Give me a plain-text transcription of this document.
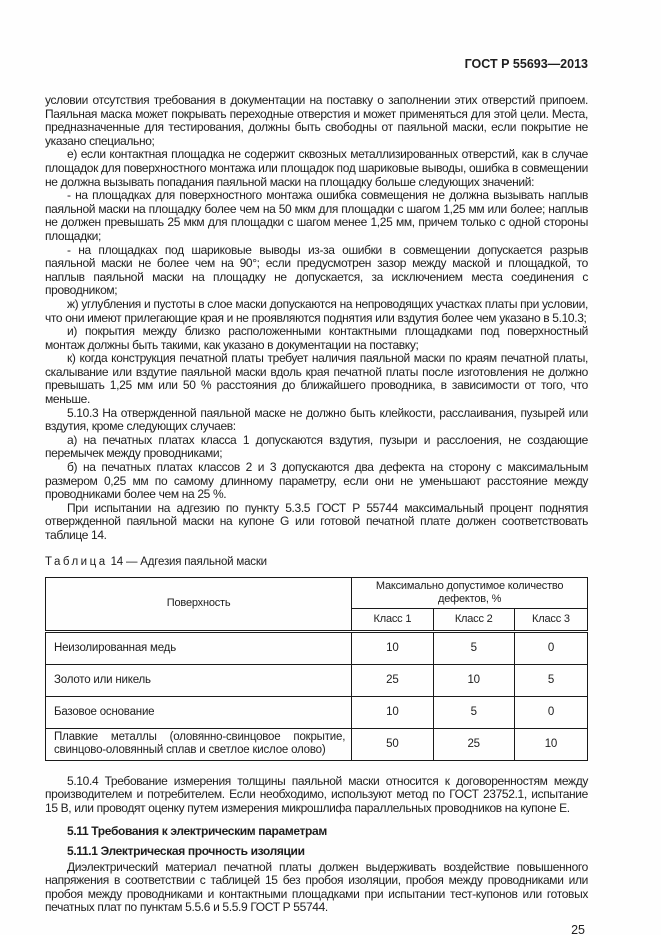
ГОСТ Р 55693—2013

условии отсутствия требования в документации на поставку о заполнении этих отверстий припоем. Паяльная маска может покрывать переходные отверстия и может применяться для этой цели. Места, предназначенные для тестирования, должны быть свободны от паяльной маски, если покрытие не указано специально;

е) если контактная площадка не содержит сквозных металлизированных отверстий, как в случае площадок для поверхностного монтажа или площадок под шариковые выводы, ошибка в совмещении не должна вызывать попадания паяльной маски на площадку больше следующих значений:

- на площадках для поверхностного монтажа ошибка совмещения не должна вызывать наплыв паяльной маски на площадку более чем на 50 мкм для площадки с шагом 1,25 мм или более; наплыв не должен превышать 25 мкм для площадки с шагом менее 1,25 мм, причем только с одной стороны площадки;

- на площадках под шариковые выводы из-за ошибки в совмещении допускается разрыв паяльной маски не более чем на 90°; если предусмотрен зазор между маской и площадкой, то наплыв паяльной маски на площадку не допускается, за исключением места соединения с проводником;

ж) углубления и пустоты в слое маски допускаются на непроводящих участках платы при условии, что они имеют прилегающие края и не проявляются поднятия или вздутия более чем указано в 5.10.3;

и) покрытия между близко расположенными контактными площадками под поверхностный монтаж должны быть такими, как указано в документации на поставку;

к) когда конструкция печатной платы требует наличия паяльной маски по краям печатной платы, скалывание или вздутие паяльной маски вдоль края печатной платы после изготовления не должно превышать 1,25 мм или 50 % расстояния до ближайшего проводника, в зависимости от того, что меньше.

5.10.3 На отвержденной паяльной маске не должно быть клейкости, расслаивания, пузырей или вздутия, кроме следующих случаев:

а) на печатных платах класса 1 допускаются вздутия, пузыри и расслоения, не создающие перемычек между проводниками;

б) на печатных платах классов 2 и 3 допускаются два дефекта на сторону с максимальным размером 0,25 мм по самому длинному параметру, если они не уменьшают расстояние между проводниками более чем на 25 %.

При испытании на адгезию по пункту 5.3.5 ГОСТ Р 55744 максимальный процент поднятия отвержденной паяльной маски на купоне G или готовой печатной плате должен соответствовать таблице 14.

Таблица 14 — Адгезия паяльной маски
Поверхность	Максимально допустимое количество дефектов, %		
	Класс 1	Класс 2	Класс 3
Неизолированная медь	10	5	0
Золото или никель	25	10	5
Базовое основание	10	5	0
Плавкие металлы (оловянно-свинцовое покрытие, свинцово-оловянный сплав и светлое кислое олово)	50	25	10

5.10.4 Требование измерения толщины паяльной маски относится к договоренностям между производителем и потребителем. Если необходимо, используют метод по ГОСТ 23752.1, испытание 15 В, или проводят оценку путем измерения микрошлифа параллельных проводников на купоне Е.

5.11 Требования к электрическим параметрам

5.11.1 Электрическая прочность изоляции

Диэлектрический материал печатной платы должен выдерживать воздействие повышенного напряжения в соответствии с таблицей 15 без пробоя изоляции, пробоя между проводниками или пробоя между проводниками и контактными площадками при испытании тест-купонов или готовых печатных плат по пунктам 5.5.6 и 5.5.9 ГОСТ Р 55744.

25
